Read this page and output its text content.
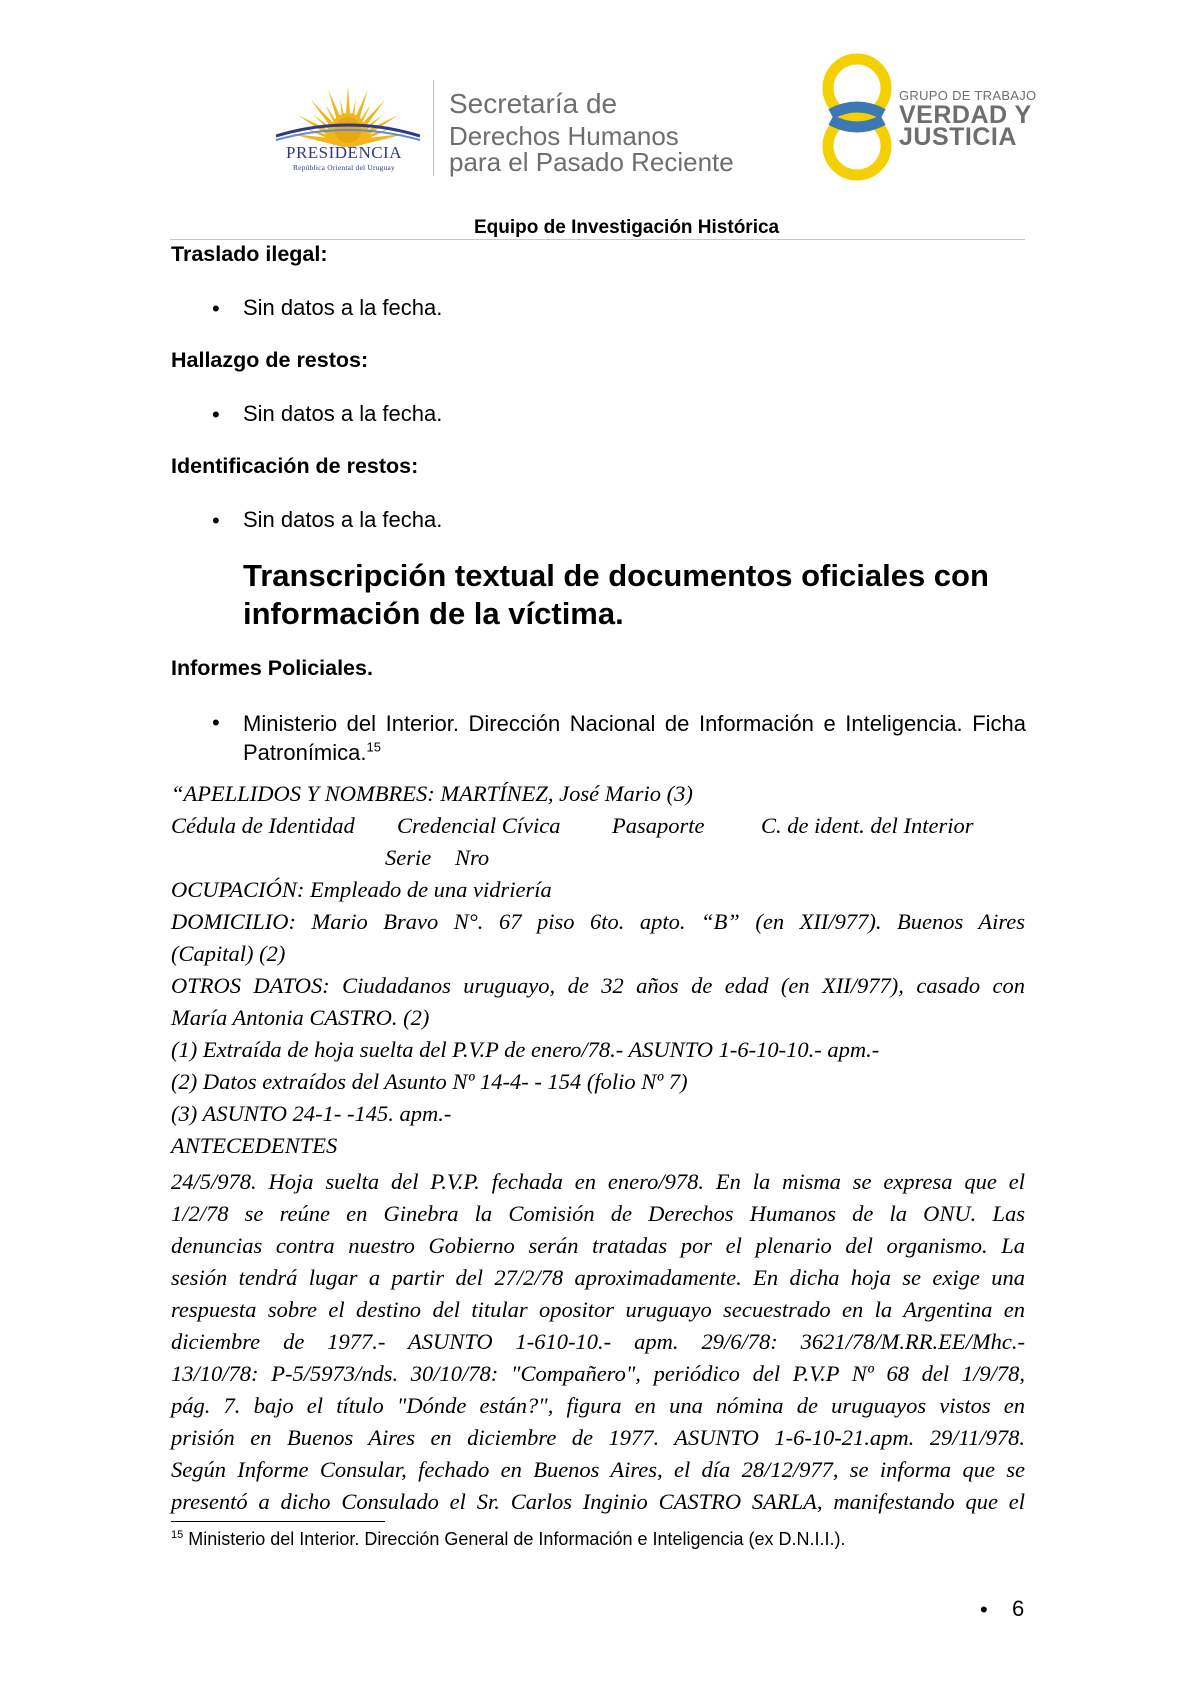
PRESIDENCIA
República Oriental del Uruguay
Secretaría de
Derechos Humanos
para el Pasado Reciente
GRUPO DE TRABAJO
VERDAD Y
JUSTICIA
Equipo de Investigación Histórica
Traslado ilegal:
• Sin datos a la fecha.
Hallazgo de restos:
• Sin datos a la fecha.
Identificación de restos:
• Sin datos a la fecha.
Transcripción textual de documentos oficiales con
información de la víctima.
Informes Policiales.
• Ministerio del Interior. Dirección Nacional de Información e Inteligencia. Ficha Patronímica.$^{15}$
“APELLIDOS Y NOMBRES: MARTÍNEZ, José Mario (3)
Cédula de Identidad Credencial Cívica Pasaporte	C. de ident. del Interior
Serie Nro
OCUPACIÓN: Empleado de una vidriería
DOMICILIO: Mario Bravo N°. 67 piso 6to. apto. “B” (en XII/977). Buenos Aires
(Capital) (2)
OTROS DATOS: Ciudadanos uruguayo, de 32 años de edad (en XII/977), casado con
María Antonia CASTRO. (2)
(1) Extraída de hoja suelta del P.V.P de enero/78.- ASUNTO 1-6-10-10.- apm.-
(2) Datos extraídos del Asunto Nº 14-4- - 154 (folio Nº 7)
(3) ASUNTO 24-1- -145. apm.-
ANTECEDENTES
24/5/978. Hoja suelta del P.V.P. fechada en enero/978. En la misma se expresa que el
1/2/78 se reúne en Ginebra la Comisión de Derechos Humanos de la ONU. Las
denuncias contra nuestro Gobierno serán tratadas por el plenario del organismo. La
sesión tendrá lugar a partir del 27/2/78 aproximadamente. En dicha hoja se exige una
respuesta sobre el destino del titular opositor uruguayo secuestrado en la Argentina en
diciembre de 1977.- ASUNTO 1-610-10.- apm. 29/6/78: 3621/78/M.RR.EE/Mhc.-
13/10/78: P-5/5973/nds. 30/10/78: "Compañero", periódico del P.V.P Nº 68 del 1/9/78,
pág. 7. bajo el título "Dónde están?", figura en una nómina de uruguayos vistos en
prisión en Buenos Aires en diciembre de 1977. ASUNTO 1-6-10-21.apm. 29/11/978.
Según Informe Consular, fechado en Buenos Aires, el día 28/12/977, se informa que se
presentó a dicho Consulado el Sr. Carlos Inginio CASTRO SARLA, manifestando que el
$^{15}$ Ministerio del Interior. Dirección General de Información e Inteligencia (ex D.N.I.I.).
• 6
